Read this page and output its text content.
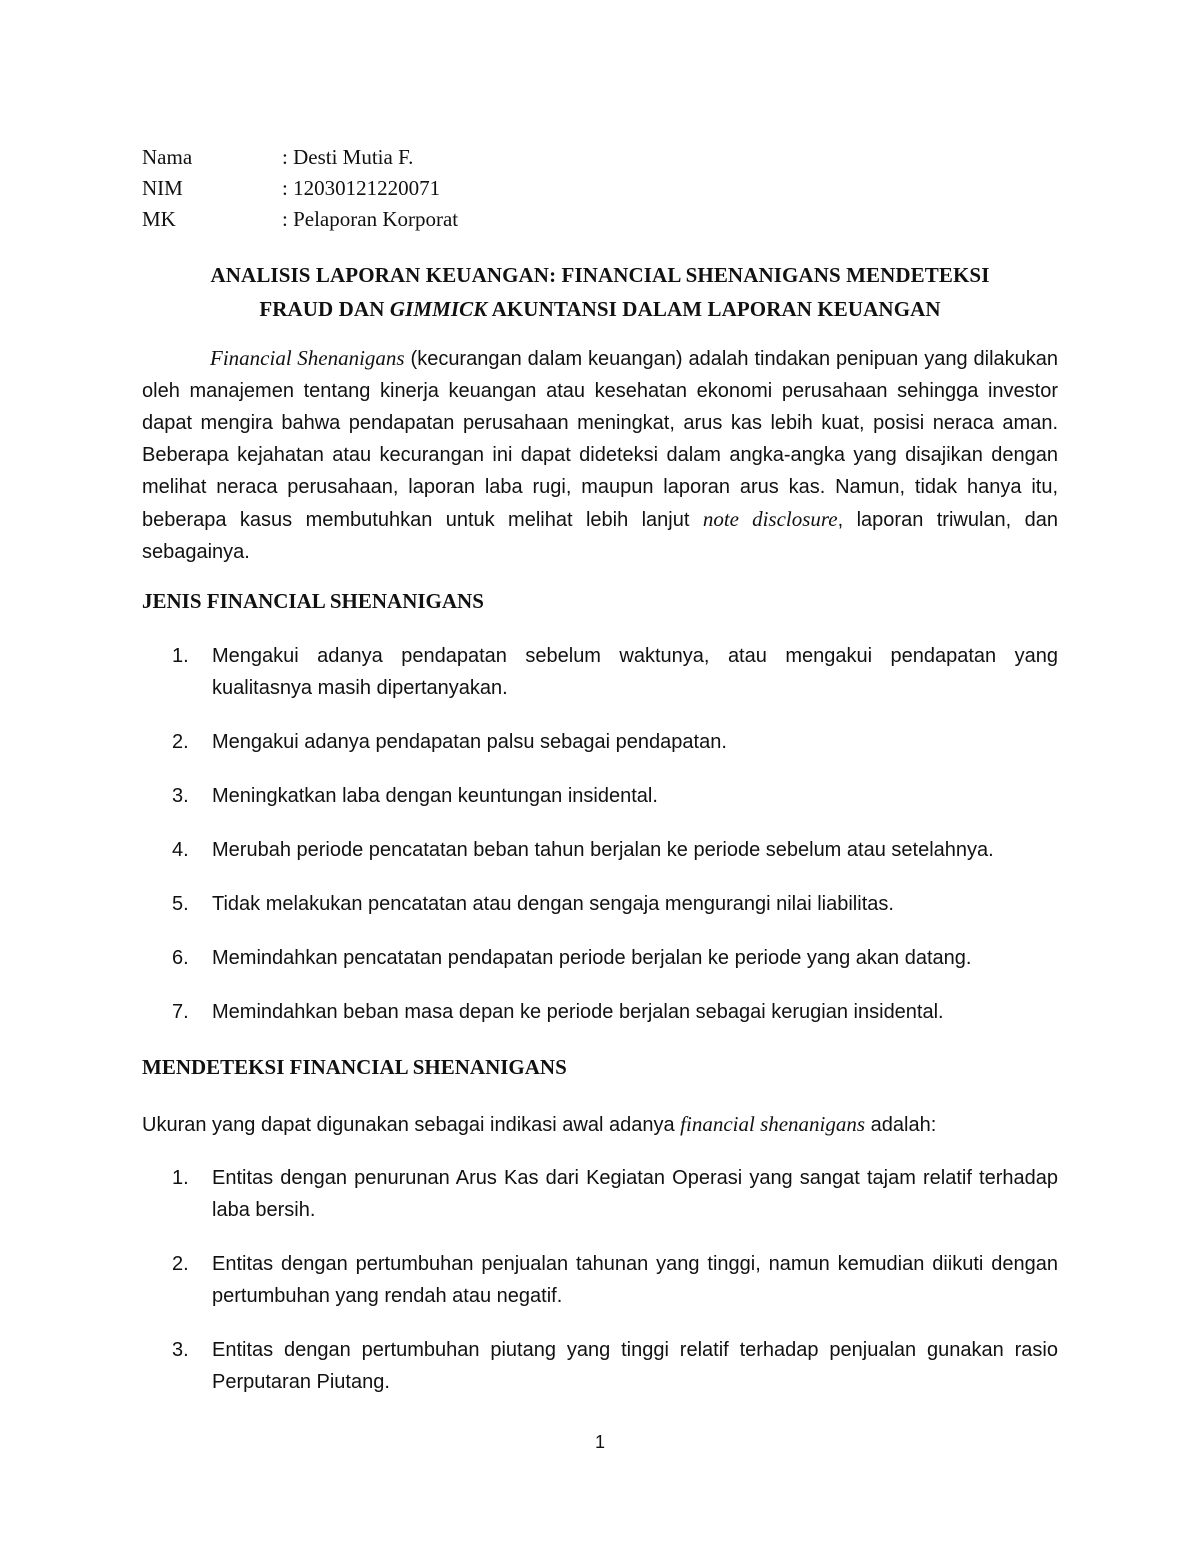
Nama	: Desti Mutia F.
NIM	: 12030121220071
MK	: Pelaporan Korporat
ANALISIS LAPORAN KEUANGAN: FINANCIAL SHENANIGANS MENDETEKSI
FRAUD DAN GIMMICK AKUNTANSI DALAM LAPORAN KEUANGAN

Financial Shenanigans (kecurangan dalam keuangan) adalah tindakan penipuan yang dilakukan oleh manajemen tentang kinerja keuangan atau kesehatan ekonomi perusahaan sehingga investor dapat mengira bahwa pendapatan perusahaan meningkat, arus kas lebih kuat, posisi neraca aman. Beberapa kejahatan atau kecurangan ini dapat dideteksi dalam angka-angka yang disajikan dengan melihat neraca perusahaan, laporan laba rugi, maupun laporan arus kas. Namun, tidak hanya itu, beberapa kasus membutuhkan untuk melihat lebih lanjut note disclosure, laporan triwulan, dan sebagainya.

JENIS FINANCIAL SHENANIGANS
1.	Mengakui adanya pendapatan sebelum waktunya, atau mengakui pendapatan yang kualitasnya masih dipertanyakan.
2.	Mengakui adanya pendapatan palsu sebagai pendapatan.
3.	Meningkatkan laba dengan keuntungan insidental.
4.	Merubah periode pencatatan beban tahun berjalan ke periode sebelum atau setelahnya.
5.	Tidak melakukan pencatatan atau dengan sengaja mengurangi nilai liabilitas.
6.	Memindahkan pencatatan pendapatan periode berjalan ke periode yang akan datang.
7.	Memindahkan beban masa depan ke periode berjalan sebagai kerugian insidental.
MENDETEKSI FINANCIAL SHENANIGANS

Ukuran yang dapat digunakan sebagai indikasi awal adanya financial shenanigans adalah:

1.	Entitas dengan penurunan Arus Kas dari Kegiatan Operasi yang sangat tajam relatif terhadap laba bersih.
2.	Entitas dengan pertumbuhan penjualan tahunan yang tinggi, namun kemudian diikuti dengan pertumbuhan yang rendah atau negatif.
3.	Entitas dengan pertumbuhan piutang yang tinggi relatif terhadap penjualan gunakan rasio Perputaran Piutang.
1
